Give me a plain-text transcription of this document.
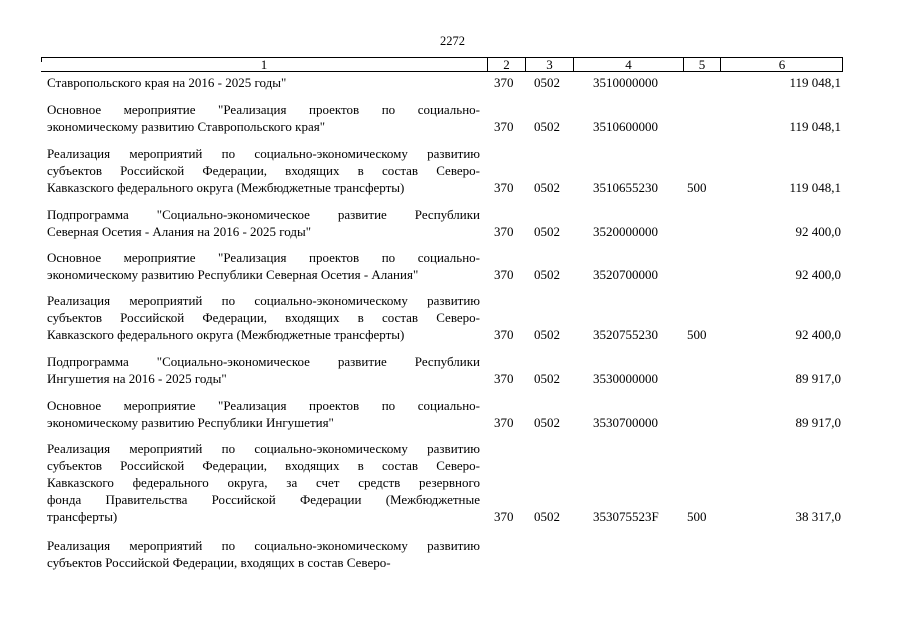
2272
1	2	3	4	5	6
Ставропольского края на 2016 - 2025 годы"	370 0502	3510000000	119 048,1
Основное мероприятие "Реализация проектов по социально-
экономическому развитию Ставропольского края"	370 0502	3510600000	119 048,1
Реализация мероприятий по социально-экономическому развитию
субъектов Российской Федерации, входящих в состав Северо-
Кавказского федерального округа (Межбюджетные трансферты)	370 0502	3510655230 500	119 048,1
Подпрограмма "Социально-экономическое развитие Республики
Северная Осетия - Алания на 2016 - 2025 годы"	370 0502	3520000000	92 400,0
Основное мероприятие "Реализация проектов по социально-
экономическому развитию Республики Северная Осетия - Алания"	370 0502	3520700000	92 400,0
Реализация мероприятий по социально-экономическому развитию
субъектов Российской Федерации, входящих в состав Северо-
Кавказского федерального округа (Межбюджетные трансферты)	370 0502	3520755230 500	92 400,0
Подпрограмма "Социально-экономическое развитие Республики
Ингушетия на 2016 - 2025 годы"	370 0502	3530000000	89 917,0
Основное мероприятие "Реализация проектов по социально-
экономическому развитию Республики Ингушетия"	370 0502	3530700000	89 917,0
Реализация мероприятий по социально-экономическому развитию
субъектов Российской Федерации, входящих в состав Северо-
Кавказского федерального округа, за счет средств резервного
фонда Правительства Российской Федерации (Межбюджетные
трансферты)	370 0502	353075523F 500	38 317,0
Реализация мероприятий по социально-экономическому развитию
субъектов Российской Федерации, входящих в состав Северо-
